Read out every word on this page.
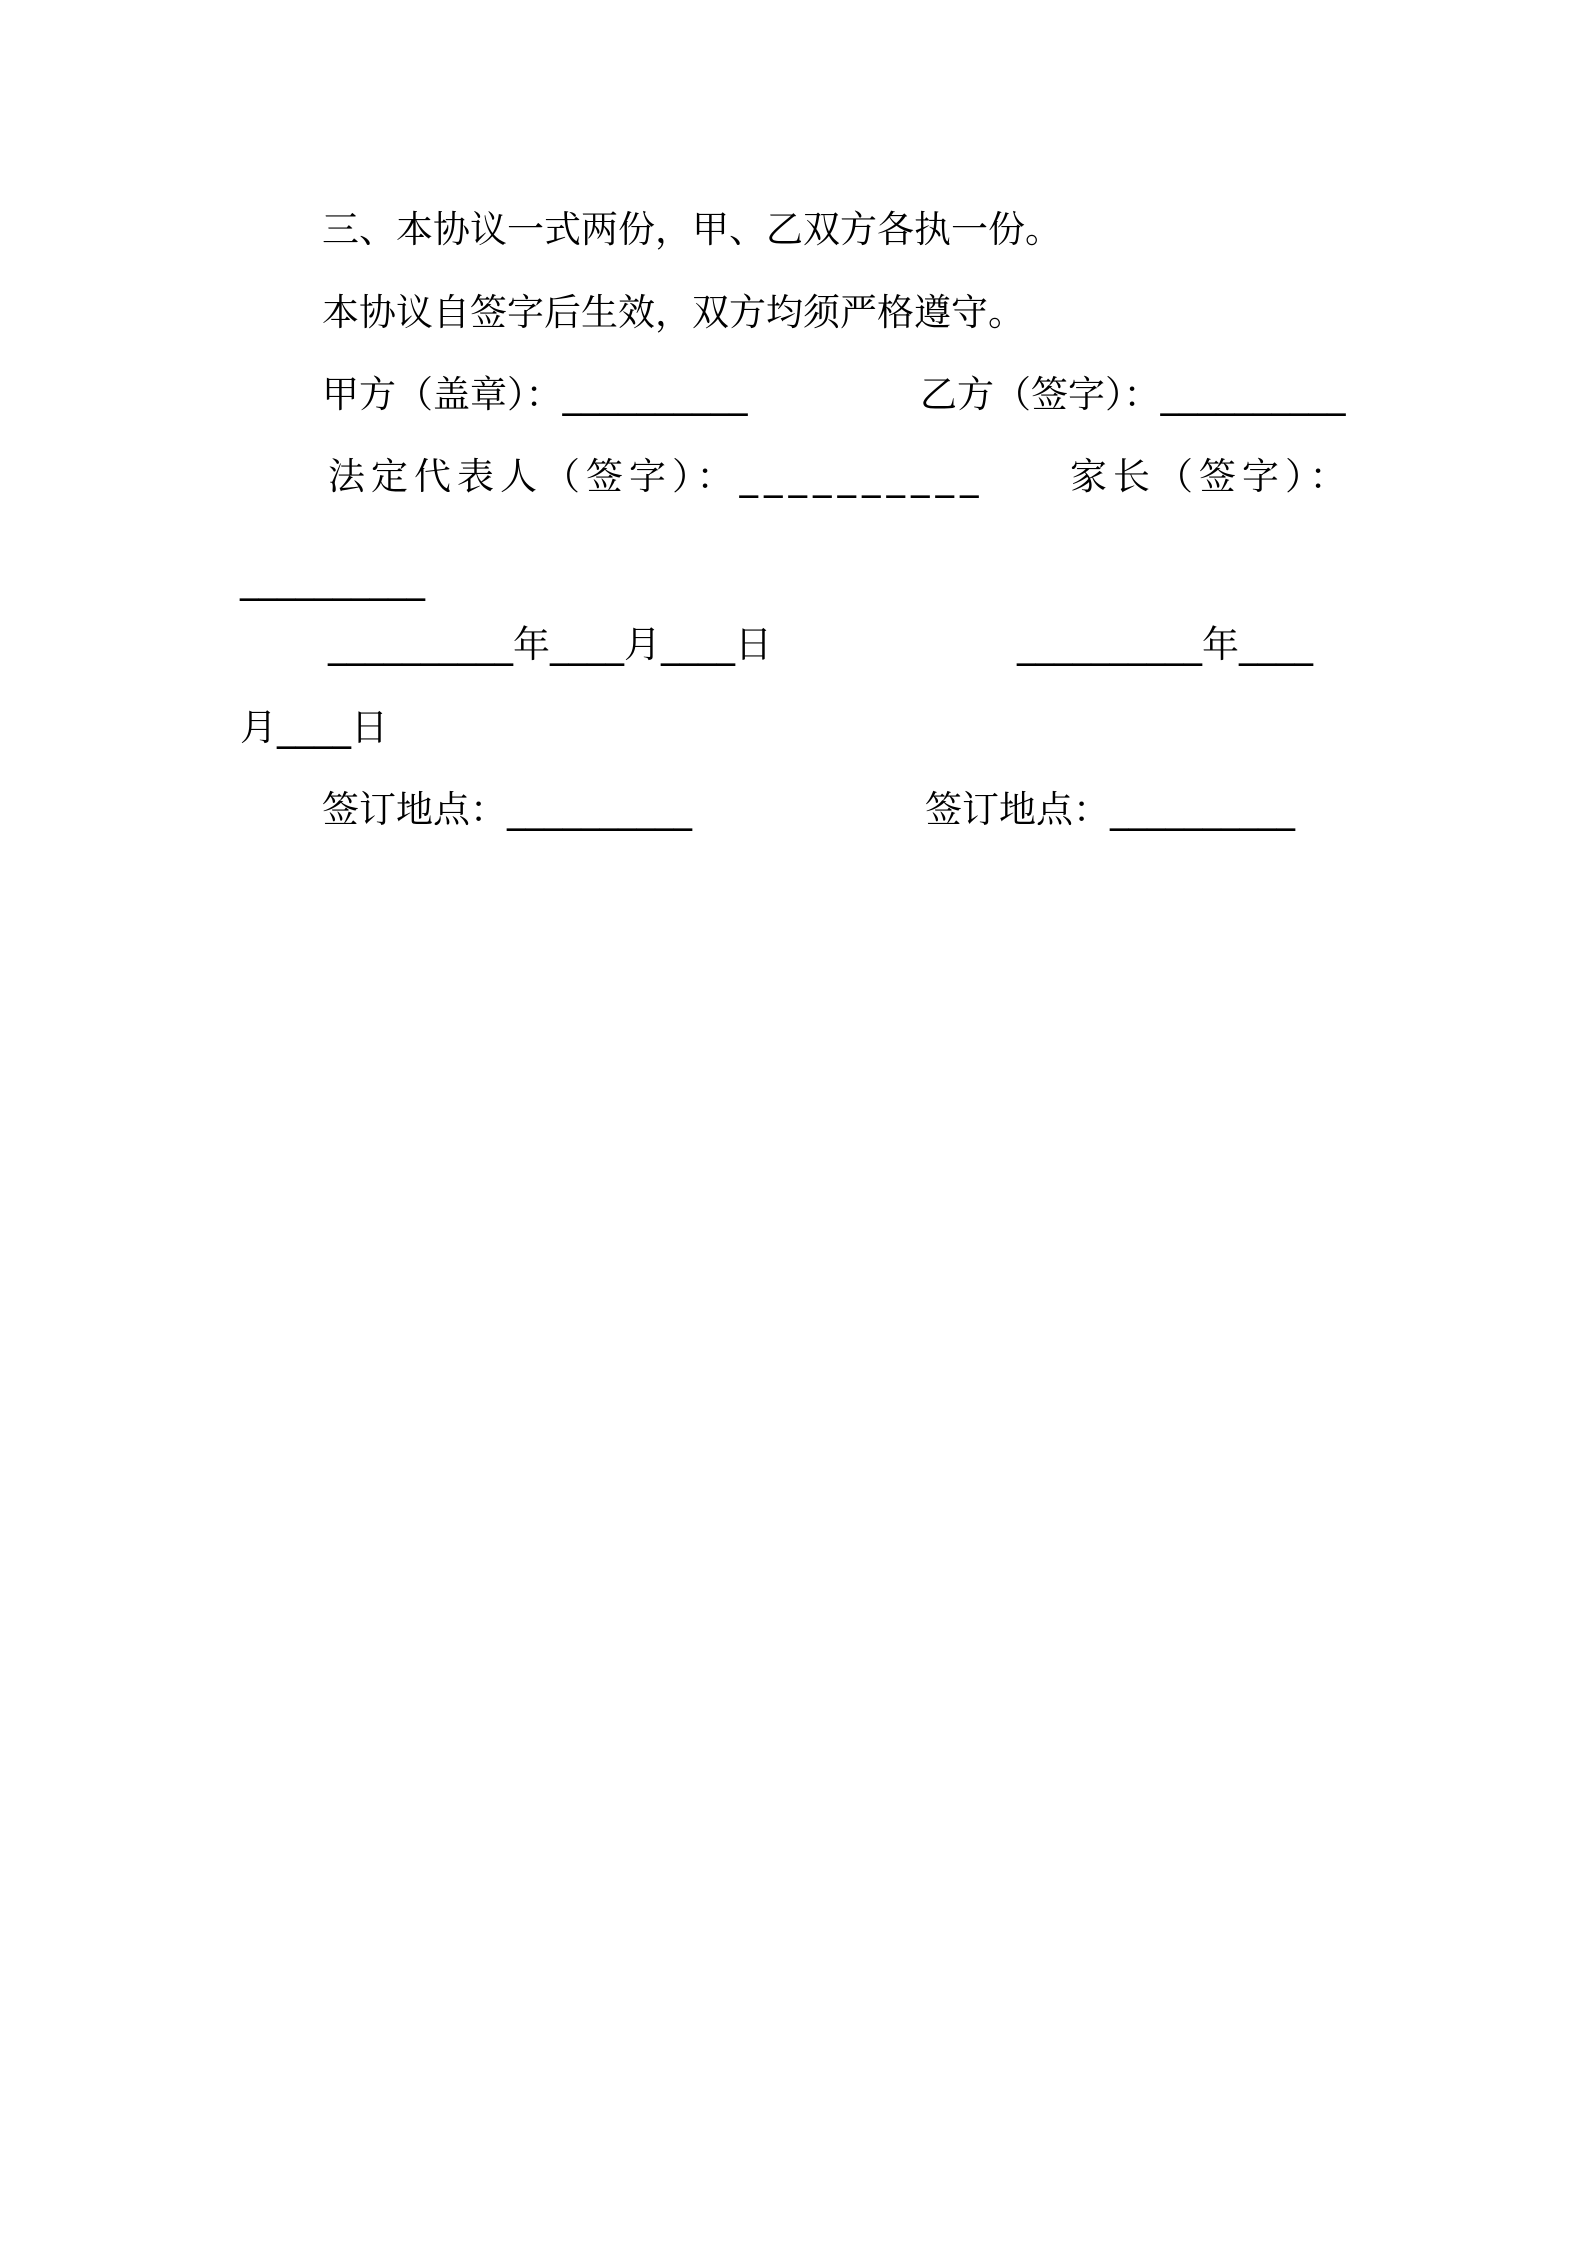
三、本协议一式两份，甲、乙双方各执一份。
本协议自签字后生效，双方均须严格遵守。
甲方（盖章）：__________	乙方（签字）：__________
法定代表人（签字）：__________ 家长（签字）：
__________
__________年____月____日	__________年____
月____日
签订地点：__________	签订地点：__________
